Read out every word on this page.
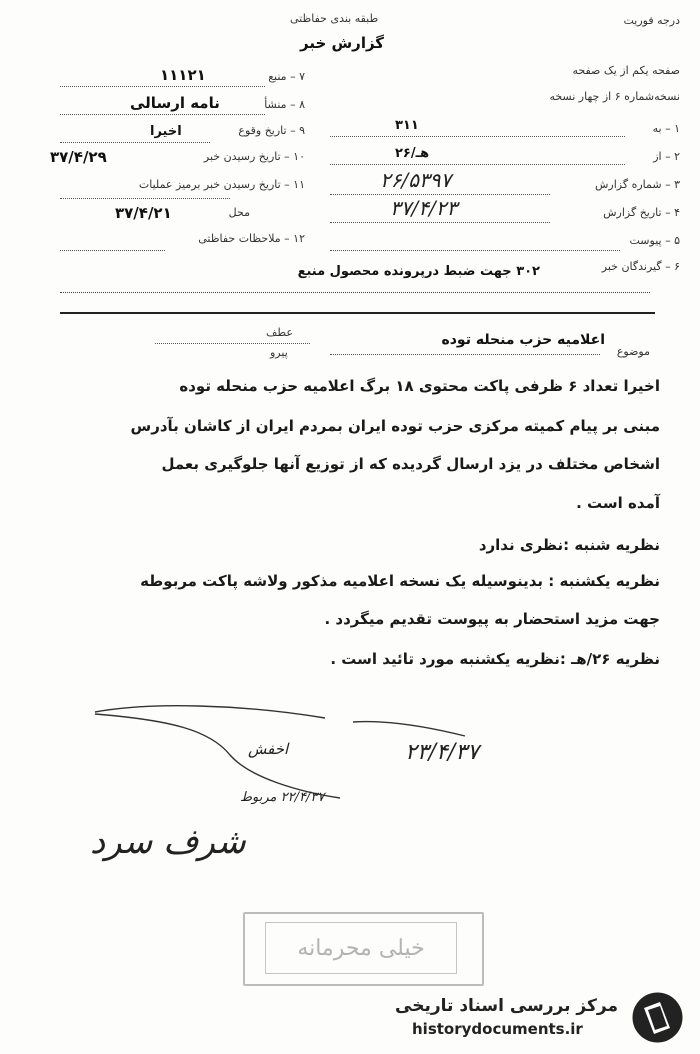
درجه فوریت
طبقه بندی حفاظتی
گزارش خبر
صفحه یکم از یک صفحه
نسخه‌شماره ۶ از چهار نسخه
۱ – به
۳۱۱
۲ – از
۲۶/هـ
۳ – شماره گزارش
۲۶/۵۳۹۷
۴ – تاریخ گزارش
۳۷/۴/۲۳
۵ – پیوست
۶ – گیرندگان خبر
۳۰۲ جهت ضبط درپرونده محصول منبع
۷ – منبع
۱۱۱۲۱
۸ – منشأ
نامه ارسالی
۹ – تاریخ وقوع
اخیرا
۱۰ – تاریخ رسیدن خبر
۳۷/۴/۲۹
۱۱ – تاریخ رسیدن خبر برمیز عملیات
محل
۳۷/۴/۲۱
۱۲ – ملاحظات حفاظتی
عطف
پیرو	موضوع
اعلامیه حزب منحله توده
اخیرا تعداد ۶ ظرفی پاکت محتوی ۱۸ برگ اعلامیه حزب منحله توده
مبنی بر پیام کمیته مرکزی حزب توده ایران بمردم ایران از کاشان بآدرس
اشخاص مختلف در یزد ارسال گردیده که از توزیع آنها جلوگیری بعمل
آمده است .
نظریه شنبه :نظری ندارد
نظریه یکشنبه : بدینوسیله یک نسخه اعلامیه مذکور ولاشه پاکت مربوطه
جهت مزید استحضار به پیوست تقدیم میگردد .
نظریه ۲۶/هـ :نظریه یکشنبه مورد تائید است .
اخفش
۲۲/۴/۳۷ مربوط
۲۳/۴/۳۷
شرف سرد
خیلی محرمانه
مرکز بررسی اسناد تاریخی
historydocuments.ir
